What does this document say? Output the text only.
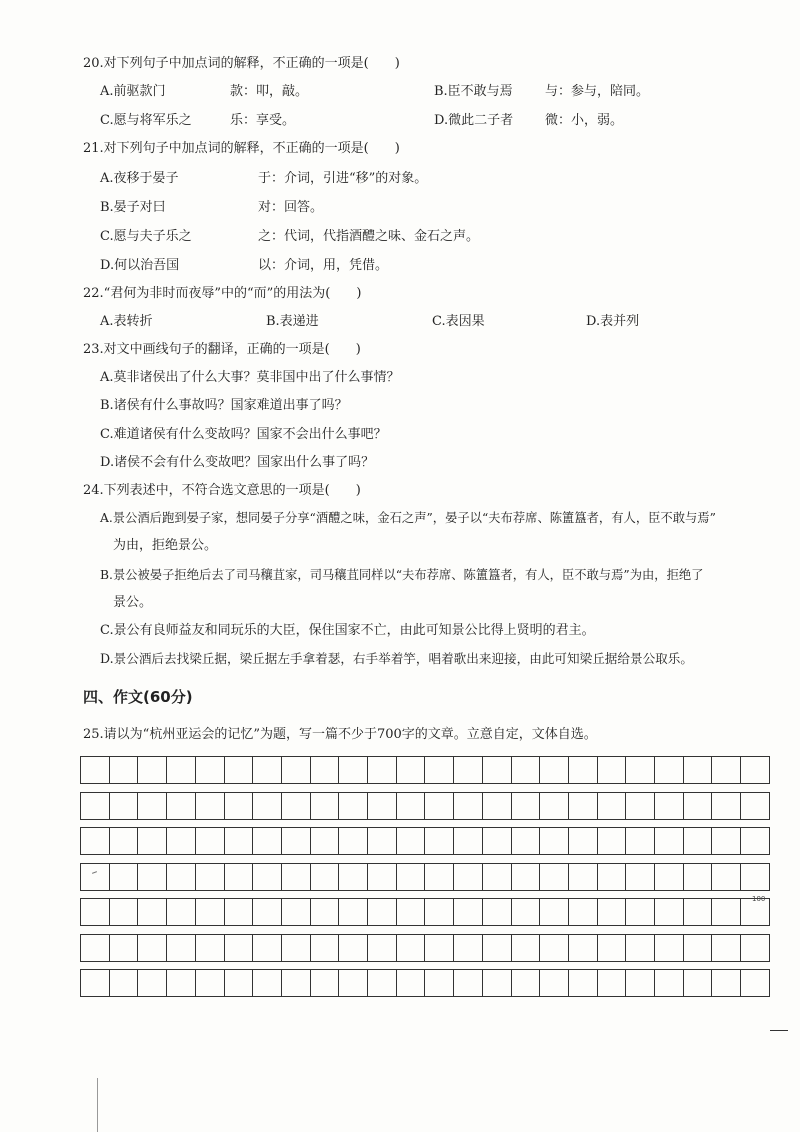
20.对下列句子中加点词的解释，不正确的一项是(　　)
A.前驱款门	款：叩，敲。	B.臣不敢与焉 与：参与，陪同。
C.愿与将军乐之	乐：享受。	D.微此二子者 微：小，弱。
21.对下列句子中加点词的解释，不正确的一项是(　　)
A.夜移于晏子	于：介词，引进“移”的对象。
B.晏子对曰	对：回答。
C.愿与夫子乐之	之：代词，代指酒醴之味、金石之声。
D.何以治吾国	以：介词，用，凭借。
22.“君何为非时而夜辱”中的“而”的用法为(　　)
A.表转折	B.表递进	C.表因果	D.表并列
23.对文中画线句子的翻译，正确的一项是(　　)
A.莫非诸侯出了什么大事？莫非国中出了什么事情？
B.诸侯有什么事故吗？国家难道出事了吗？
C.难道诸侯有什么变故吗？国家不会出什么事吧？
D.诸侯不会有什么变故吧？国家出什么事了吗？
24.下列表述中，不符合选文意思的一项是(　　)
A.景公酒后跑到晏子家，想同晏子分享“酒醴之味，金石之声”，晏子以“夫布荐席、陈簠簋者，有人，臣不敢与焉”
为由，拒绝景公。
B.景公被晏子拒绝后去了司马穰苴家，司马穰苴同样以“夫布荐席、陈簠簋者，有人，臣不敢与焉”为由，拒绝了
景公。
C.景公有良师益友和同玩乐的大臣，保住国家不亡，由此可知景公比得上贤明的君主。
D.景公酒后去找梁丘据，梁丘据左手拿着瑟，右手举着竽，唱着歌出来迎接，由此可知梁丘据给景公取乐。
四、作文(60分)
25.请以为“杭州亚运会的记忆”为题，写一篇不少于700字的文章。立意自定，文体自选。
100
